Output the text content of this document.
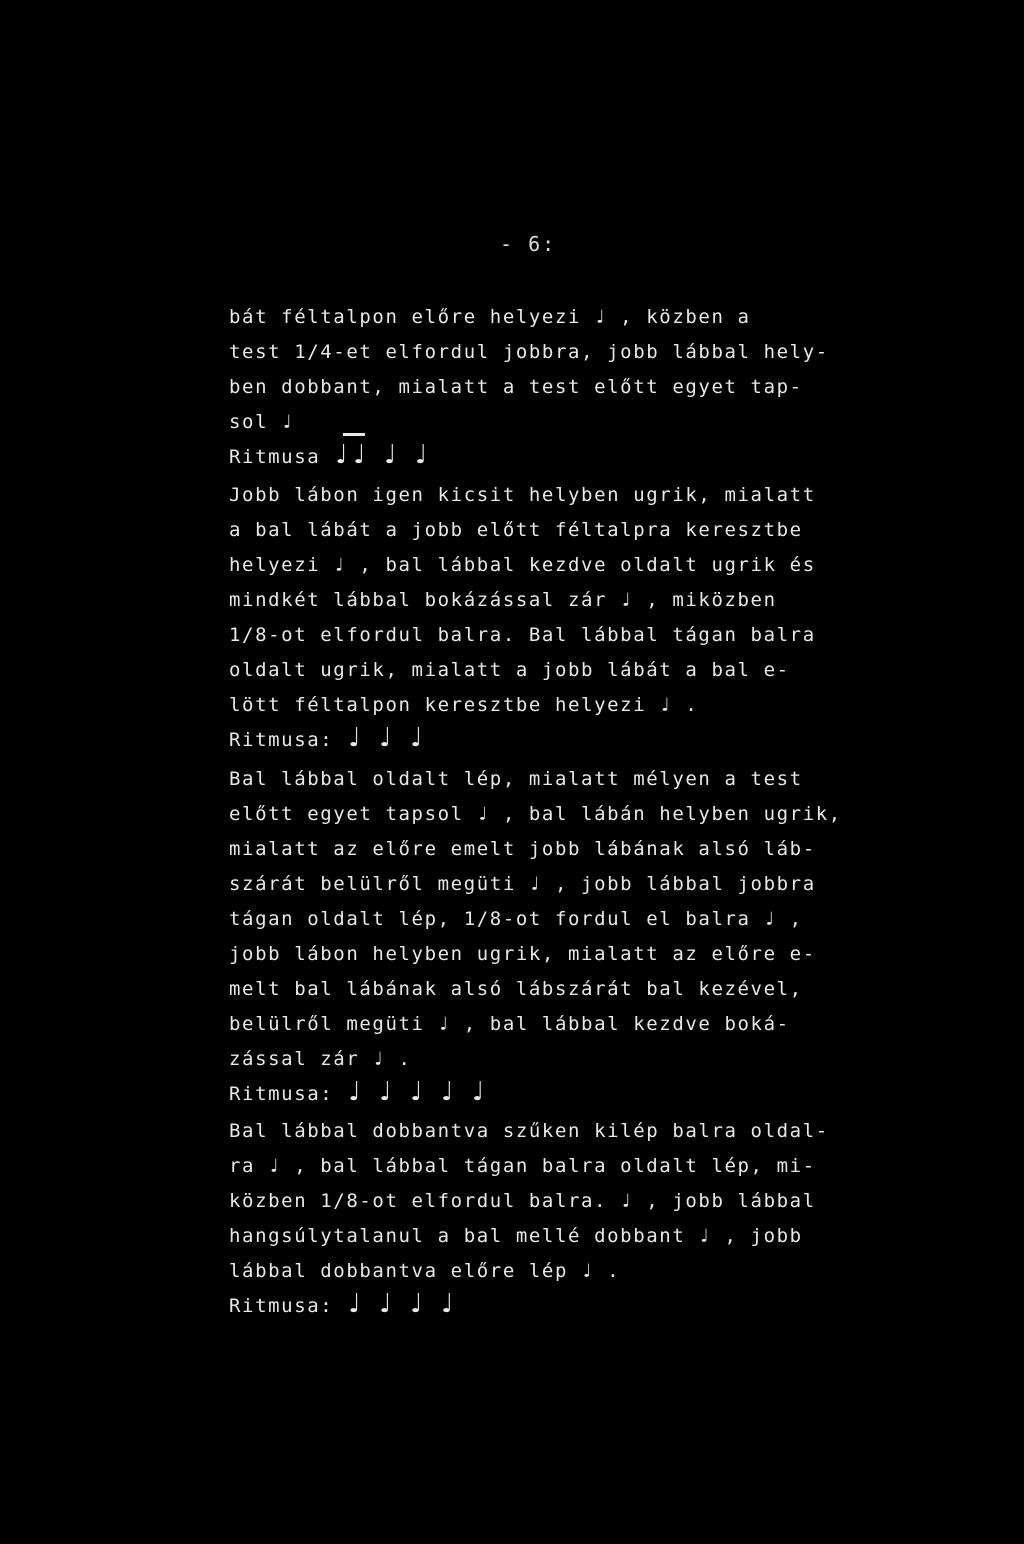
- 6:
bát féltalpon előre helyezi ♩ , közben a
test 1/4-et elfordul jobbra, jobb lábbal hely-
ben dobbant, mialatt a test előtt egyet tap-
sol ♩
Ritmusa ♩ ♩ ♩ ♩
Jobb lábon igen kicsit helyben ugrik, mialatt
a bal lábát a jobb előtt féltalpra keresztbe
helyezi ♩ , bal lábbal kezdve oldalt ugrik és
mindkét lábbal bokázással zár ♩ , miközben
1/8-ot elfordul balra. Bal lábbal tágan balra
oldalt ugrik, mialatt a jobb lábát a bal e-
lött féltalpon keresztbe helyezi ♩ .
Ritmusa: ♩ ♩ ♩
Bal lábbal oldalt lép, mialatt mélyen a test
előtt egyet tapsol ♩ , bal lábán helyben ugrik,
mialatt az előre emelt jobb lábának alsó láb-
szárát belülről megüti ♩ , jobb lábbal jobbra
tágan oldalt lép, 1/8-ot fordul el balra ♩ ,
jobb lábon helyben ugrik, mialatt az előre e-
melt bal lábának alsó lábszárát bal kezével,
belülről megüti ♩ , bal lábbal kezdve boká-
zással zár ♩ .
Ritmusa: ♩ ♩ ♩ ♩ ♩
Bal lábbal dobbantva szűken kilép balra oldal-
ra ♩ , bal lábbal tágan balra oldalt lép, mi-
közben 1/8-ot elfordul balra. ♩ , jobb lábbal
hangsúlytalanul a bal mellé dobbant ♩ , jobb
lábbal dobbantva előre lép ♩ .
Ritmusa: ♩ ♩ ♩ ♩
